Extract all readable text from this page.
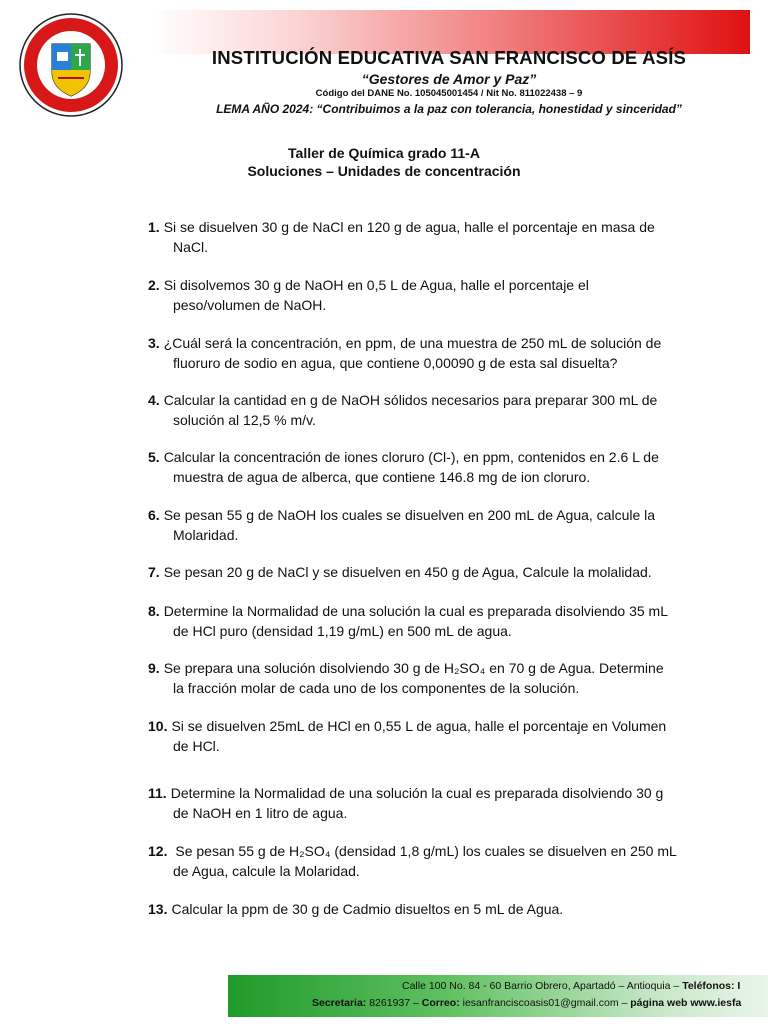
INSTITUCIÓN EDUCATIVA SAN FRANCISCO DE ASÍS
“Gestores de Amor y Paz”
Código del DANE No. 105045001454 / Nit No. 811022438 – 9
LEMA AÑO 2024: “Contribuimos a la paz con tolerancia, honestidad y sinceridad”
Taller de Química grado 11-A
Soluciones – Unidades de concentración
1. Si se disuelven 30 g de NaCl en 120 g de agua, halle el porcentaje en masa de
NaCl.
2. Si disolvemos 30 g de NaOH en 0,5 L de Agua, halle el porcentaje el
peso/volumen de NaOH.
3. ¿Cuál será la concentración, en ppm, de una muestra de 250 mL de solución de
fluoruro de sodio en agua, que contiene 0,00090 g de esta sal disuelta?
4. Calcular la cantidad en g de NaOH sólidos necesarios para preparar 300 mL de
solución al 12,5 % m/v.
5. Calcular la concentración de iones cloruro (Cl-), en ppm, contenidos en 2.6 L de
muestra de agua de alberca, que contiene 146.8 mg de ion cloruro.
6. Se pesan 55 g de NaOH los cuales se disuelven en 200 mL de Agua, calcule la
Molaridad.
7. Se pesan 20 g de NaCl y se disuelven en 450 g de Agua, Calcule la molalidad.
8. Determine la Normalidad de una solución la cual es preparada disolviendo 35 mL
de HCl puro (densidad 1,19 g/mL) en 500 mL de agua.
9. Se prepara una solución disolviendo 30 g de H₂SO₄ en 70 g de Agua. Determine
la fracción molar de cada uno de los componentes de la solución.
10. Si se disuelven 25mL de HCl en 0,55 L de agua, halle el porcentaje en Volumen
de HCl.
11. Determine la Normalidad de una solución la cual es preparada disolviendo 30 g
de NaOH en 1 litro de agua.
12. Se pesan 55 g de H₂SO₄ (densidad 1,8 g/mL) los cuales se disuelven en 250 mL
de Agua, calcule la Molaridad.
13. Calcular la ppm de 30 g de Cadmio disueltos en 5 mL de Agua.
Calle 100 No. 84 - 60 Barrio Obrero, Apartadó – Antioquia – Teléfonos: I
Secretaria: 8261937 – Correo: iesanfranciscoasis01@gmail.com – página web www.iesfa
